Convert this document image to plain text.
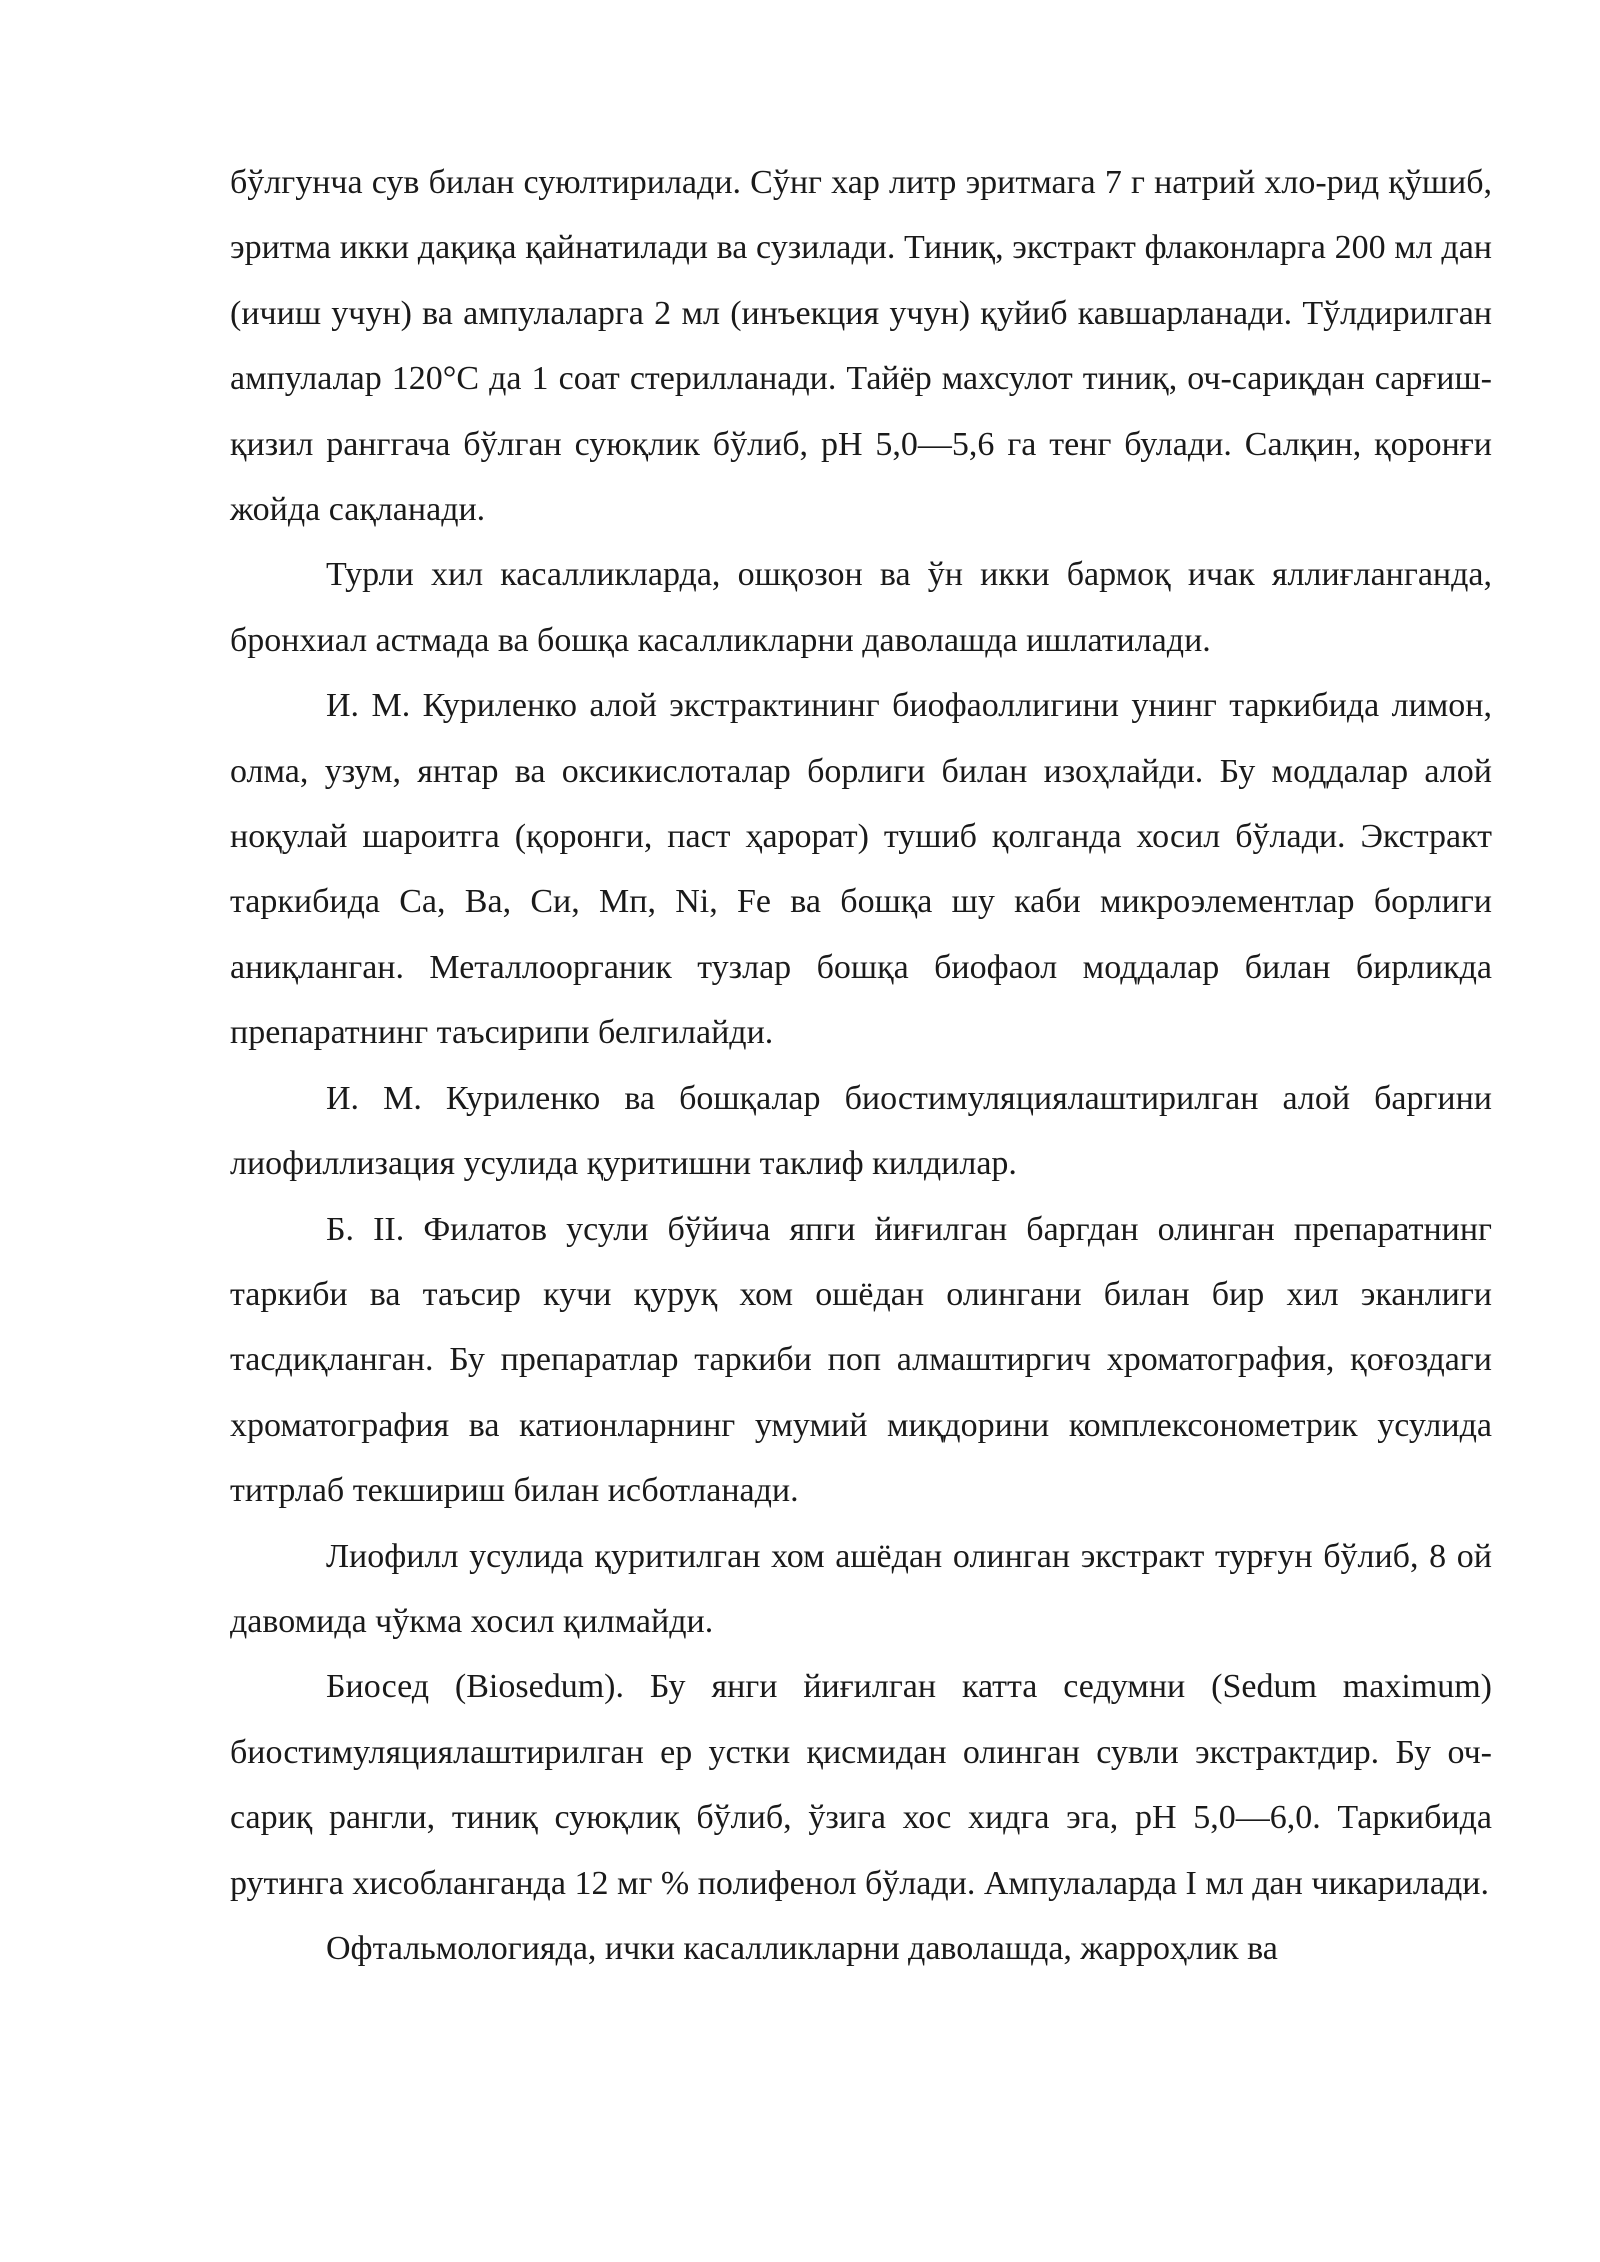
бўлгунча сув билан суюлтирилади. Сўнг хар литр эритмага 7 г натрий хло-рид қўшиб, эритма икки дақиқа қайнатилади ва сузилади. Тиниқ, экстракт флаконларга 200 мл дан (ичиш учун) ва ампулаларга 2 мл (инъекция учун) қуйиб кавшарланади. Тўлдирилган ампулалар 120°С да 1 соат стерилланади. Тайёр махсулот тиниқ, оч-сариқдан сарғиш-қизил ранггача бўлган суюқлик бўлиб, рН 5,0—5,6 га тенг булади. Салқин, қоронғи жойда сақланади.

Турли хил касалликларда, ошқозон ва ўн икки бармоқ ичак яллиғланганда, бронхиал астмада ва бошқа касалликларни даволашда ишлатилади.

И. М. Куриленко алой экстрактининг биофаоллигини унинг таркибида лимон, олма, узум, янтар ва оксикислоталар борлиги билан изоҳлайди. Бу моддалар алой ноқулай шароитга (қоронги, паст ҳарорат) тушиб қолганда хосил бўлади. Экстракт таркибида Са, Ва, Си, Мп, Ni, Fe ва бошқа шу каби микроэлементлар борлиги аниқланган. Металлоорганик тузлар бошқа биофаол моддалар билан бирликда препаратнинг таъсирипи белгилайди.

И. М. Куриленко ва бошқалар биостимуляциялаштирилган алой баргини лиофиллизация усулида қуритишни таклиф килдилар.

Б. II. Филатов усули бўйича япги йиғилган баргдан олинган препаратнинг таркиби ва таъсир кучи қуруқ хом ошёдан олингани билан бир хил эканлиги тасдиқланган. Бу препаратлар таркиби поп алмаштиргич хроматография, қоғоздаги хроматография ва катионларнинг умумий миқдорини комплексонометрик усулида титрлаб текшириш билан исботланади.

Лиофилл усулида қуритилган хом ашёдан олинган экстракт турғун бўлиб, 8 ой давомида чўкма хосил қилмайди.

Биосед (Biosedum). Бу янги йиғилган катта седумни (Sedum maximum) биостимуляциялаштирилган ер устки қисмидан олинган сувли экстрактдир. Бу оч-сариқ рангли, тиниқ суюқлиқ бўлиб, ўзига хос хидга эга, рН 5,0—6,0. Таркибида рутинга хисобланганда 12 мг % полифенол бўлади. Ампулаларда I мл дан чикарилади.

Офтальмологияда, ички касалликларни даволашда, жарроҳлик ва
